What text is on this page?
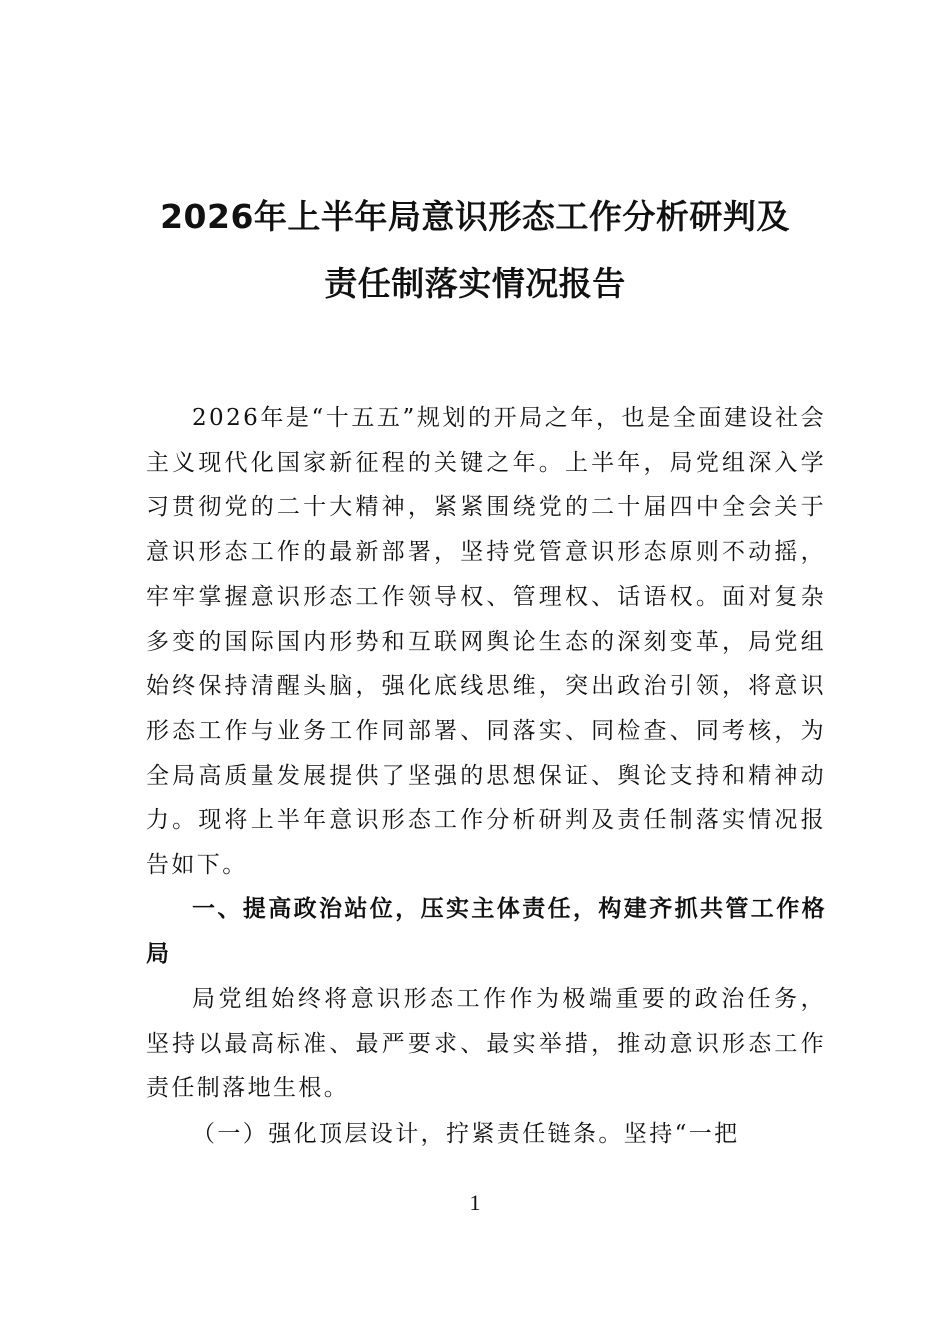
2026年上半年局意识形态工作分析研判及
责任制落实情况报告

2026年是“十五五”规划的开局之年，也是全面建设社会主义现代化国家新征程的关键之年。上半年，局党组深入学习贯彻党的二十大精神，紧紧围绕党的二十届四中全会关于意识形态工作的最新部署，坚持党管意识形态原则不动摇，牢牢掌握意识形态工作领导权、管理权、话语权。面对复杂多变的国际国内形势和互联网舆论生态的深刻变革，局党组始终保持清醒头脑，强化底线思维，突出政治引领，将意识形态工作与业务工作同部署、同落实、同检查、同考核，为全局高质量发展提供了坚强的思想保证、舆论支持和精神动力。现将上半年意识形态工作分析研判及责任制落实情况报告如下。

一、提高政治站位，压实主体责任，构建齐抓共管工作格局

局党组始终将意识形态工作作为极端重要的政治任务，坚持以最高标准、最严要求、最实举措，推动意识形态工作责任制落地生根。

（一）强化顶层设计，拧紧责任链条。坚持“一把

1
